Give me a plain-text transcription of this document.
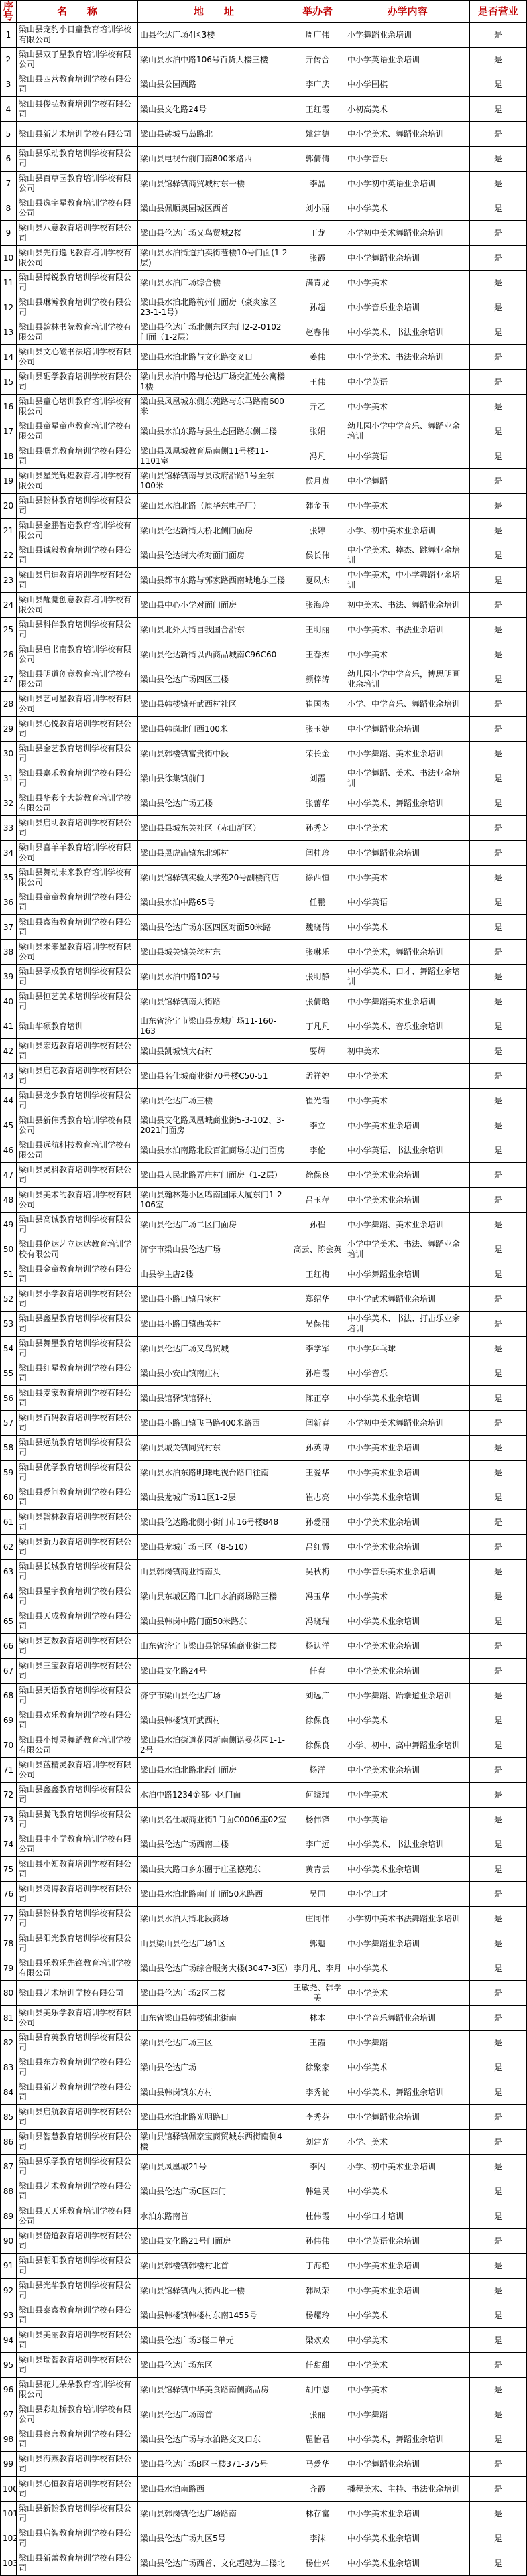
序号	名　　称	地　　址	举办者	办学内容	是否营业
1	梁山县宠豹小日童教育培训学校有限公司	山县伦达广场4区3楼	周广伟	小学舞蹈业余培训	是
2	梁山县双子星教育培训学校有限公司	梁山县水泊中路106号百货大楼三楼	亓传合	中小学英语业余培训	是
3	梁山县四营教育培训学校有限公司	梁山县公园西路	李广庆	中小学围棋	是
4	梁山县俊弘教育培训学校有限公司	梁山县文化路24号	王红霞	小初高美术	是
5	梁山县新艺术培训学校有限公司	梁山县砖城马岛路北	姚建德	中小学美术、舞蹈业余培训	是
6	梁山县乐动教育培训学校有限公司	梁山县电视台前门南800米路西	郭倩倩	中小学音乐	是
7	梁山县百草园教育培训学校有限公司	梁山县馆驿镇商贸城村东一楼	李晶	中小学初中英语业余培训	是
8	梁山县逸宇星教育培训学校有限公司	梁山县佩顺奥园城区西首	刘小丽	中小学美术	是
9	梁山县八意教育培训学校有限公司	梁山县伦达广场又鸟贸城2楼	丁龙	小学初中美术舞蹈业余培训	是
10	梁山县先行逸飞教育培训学校有限公司	梁山县水泊街道拍卖街巷楼10号门面(1-2层)	张霞	中小学舞蹈业余培训	是
11	梁山县博锐教育培训学校有限公司	梁山县水泊广场综合楼	满青龙	中小学美术	是
12	梁山县琳瀚教育培训学校有限公司	梁山县水泊北路杭州门面房（豪爽家区23-1-1号）	孙超	中小学音乐业余培训	是
13	梁山县翰林书院教育培训学校有限公司	梁山县伦达广场北侧东区东门2-2-0102门面（1-2层）	赵春伟	中小学美术、书法业余培训	是
14	梁山县文心磁书法培训学校有限公司	梁山县水泊北路与文化路交叉口	姜伟	中小学美术、书法业余培训	是
15	梁山县砺学教育培训学校有限公司	梁山县水泊中路与伦达广场交汇处公寓楼1楼	王伟	中小学英语	是
16	梁山县童心培训教育培训学校有限公司	梁山县凤凰城东侧东苑路与东马路南600米	亓乙	中小学美术	是
17	梁山县童星童声教育培训学校有限公司	梁山县水泊东路与县生态园路东侧二楼	张娟	幼儿园小学中学音乐、舞蹈业余培训	是
18	梁山县曙光教育培训学校有限公司	梁山县凤凰城教育局南侧11号楼11-1101室	冯凡	中小学英语	是
19	梁山县星光辉煌教育培训学校有限公司	梁山县馆驿镇南与县政府沿路1号至东100米	侯月贵	中小学舞蹈	是
20	梁山县翰林教育培训学校有限公司	梁山县水泊北路（原华东电子厂）	韩金玉	中小学美术	是
21	梁山县金鹏智造教育培训学校有限公司	梁山县伦达新街大桥北侧门面房	张婷	小学、初中美术业余培训	是
22	梁山县诚毅教育培训学校有限公司	梁山县伦达街大桥对面门面房	侯长伟	中小学美术、摔杰、跳舞业余培训	是
23	梁山县启迪教育培训学校有限公司	梁山县都市东路与郭家路西南城地东三楼	夏凤杰	中小学美术，中小学舞蹈业余培训	是
24	梁山县醒觉创意教育培训学校有限公司	梁山县中心小学对面门面房	张海玲	初中美术、书法、舞蹈业余培训	是
25	梁山县科伴教育培训学校有限公司	梁山县北外大街自我国合沿东	王明丽	中小学美术、书法业余培训	是
26	梁山县启书南教育培训学校有限公司	梁山县伦达新街以西商品城南C96C60	王春杰	中小学美术	是
27	梁山县明道创意教育培训学校有限公司	梁山县伦达广场四区三楼	颜梓涛	幼儿园小学中学音乐，博思明画业余培训	是
28	梁山县艺可星教育培训学校有限公司	梁山县韩楼镇开武西村社区	崔国杰	小学、中学音乐、舞蹈业余培训	是
29	梁山县心悦教育培训学校有限公司	梁山县韩岗北门西100米	张玉婕	中小学舞蹈业余培训	是
30	梁山县金艺教育培训学校有限公司	梁山县韩楼镇富贵街中段	荣长金	中小学舞蹈、美术业余培训	是
31	梁山县嘉禾教育培训学校有限公司	梁山县徐集镇前门	刘霞	中小学舞蹈、美术、书法业余培训	是
32	梁山县华彩个大翰教育培训学校有限公司	梁山县伦达广场五楼	张蕾华	中小学美术、舞蹈业余培训	是
33	梁山县启明教育培训学校有限公司	梁山县县城东关社区（赤山新区）	孙秀芝	中小学美术	是
34	梁山县喜羊羊教育培训学校有限公司	梁山县黑虎庙镇东北郭村	闫桂珍	中小学舞蹈业余培训	是
35	梁山县舞动未来教育培训学校有限公司	梁山县馆驿镇实验大学苑20号副楼商店	徐西恒	中小学美术	是
36	梁山县童童教育培训学校有限公司	梁山县水泊中路65号	任鹏	中小学英语	是
37	梁山县鑫海教育培训学校有限公司	梁山县伦达广场东区四区对面50米路	魏晓倩	中小学美术	是
38	梁山县未来星教育培训学校有限公司	梁山县城关镇关丝村东	张琳乐	中小学美术，舞蹈业余培训	是
39	梁山县学成教育培训学校有限公司	梁山县水泊中路102号	张明静	中小学美术、口才、舞蹈业余培训	是
40	梁山县恒艺美术培训学校有限公司	梁山县馆驿镇南大街路	张倩晗	中小学舞蹈美术业余培训	是
41	梁山华硕教育培训	山东省济宁市梁山县龙城广场11-160-163	丁凡凡	中小学美术、音乐业余培训	是
42	梁山县宏迈教育培训学校有限公司	梁山县凯城镇大石村	要辉	初中美术	是
43	梁山县启芯教育培训学校有限公司	梁山县名仕城商业街70号楼C50-51	孟祥婷	中小学美术	是
44	梁山县龙少教育培训学校有限公司	梁山县伦达广场三楼	崔光霞	中小学美术	是
45	梁山县新伟秀教育培训学校有限公司	梁山县文化路凤凰城商业街5-3-102、3-2021门面房	李立	中小学美术业余培训	是
46	梁山县远航科技教育培训学校有限公司	梁山县水泊南路北段百汇商场东边门面房	李伦	中小学英语、书法业余培训	是
47	梁山县灵科教育培训学校有限公司	梁山县人民北路弄庄村门面房（1-2层）	徐保良	中小学美术业余培训	是
48	梁山县美术的教育培训学校有限公司	梁山县翰林苑小区鸣南国际大厦东门1-2-106室	吕玉萍	中小学美术业余培训	是
49	梁山县高诚教育培训学校有限公司	梁山县伦达广场二区门面房	孙程	中小学舞蹈、美术业余培训	是
50	梁山县伦达艺立达达教育培训学校有限公司	济宁市梁山县伦达广场	高云、陈会英	小学中学美术、书法、舞蹈业余培训	是
51	梁山县金童教育培训学校有限公司	山县拳主店2楼	王红梅	中小学舞蹈业余培训	是
52	梁山县小学教育培训学校有限公司	梁山县小路口镇吕家村	郑绍华	中小学武术舞蹈业余培训	是
53	梁山县鑫星教育培训学校有限公司	梁山县小路口镇西关村	吴保伟	中小学美术、书法、打击乐业余培训	是
54	梁山县舞墨教育培训学校有限公司	梁山县伦达广场又鸟贸城	李学军	中小学乒乓球	是
55	梁山县红星教育培训学校有限公司	梁山县小安山镇南庄村	孙启霞	中小学音乐	是
56	梁山县麦家教育培训学校有限公司	梁山县馆驿镇馆驿村	陈正亭	中小学美术业余培训	是
57	梁山县百码教育培训学校有限公司	梁山县小路口镇飞马路400米路西	闫新春	小学初中美术舞蹈业余培训	是
58	梁山县远航教育培训学校有限公司	梁山县城关镇同贸村东	孙英博	中小学美术业余培训	是
59	梁山县优学教育培训学校有限公司	梁山县水泊东路明珠电视台路口往南	王爱华	中小学美术业余培训	是
60	梁山县爱问教育培训学校有限公司	梁山县龙城广场11区1-2层	崔志亮	中小学美术业余培训	是
61	梁山县翰林教育培训学校有限公司	梁山县伦达路北侧小街门市16号楼848	孙爱丽	中小学美术业余培训	是
62	梁山县新力教育培训学校有限公司	梁山县龙城广场三区（8-510）	吕红霞	中小学美术业余培训	是
63	梁山县长城教育培训学校有限公司	山县韩岗镇商业街南头	吴秋梅	中小学音乐美术业余培训	是
64	梁山县星宇教育培训学校有限公司	梁山县东城区路口北口水泊商场路三楼	冯玉华	中小学美术	是
65	梁山县天成教育培训学校有限公司	梁山县韩岗中路门面50米路东	冯晓瑞	中小学美术业余培训	是
66	梁山县艺数教育培训学校有限公司	山东省济宁市梁山县馆驿镇商业街二楼	杨认洋	中小学美术业余培训	是
67	梁山县三宝教育培训学校有限公司	梁山县文化路24号	任春	中小学美术业余培训	是
68	梁山县天语教育培训学校有限公司	济宁市梁山县伦达广场	刘远广	中小学舞蹈、跆拳道业余培训	是
69	梁山县欢乐教育培训学校有限公司	梁山县韩楼镇开武西村	徐保良	中小学美术	是
70	梁山县小博灵舞蹈教育培训学校有限公司	梁山县水泊街道花园新南侧诺曼花园1-1-2号	徐保良	小学、初中、高中舞蹈业余培训	是
71	梁山县蓝精灵教育培训学校有限公司	梁山县水泊北路北段门面房	杨洋	中小学美术业余培训	是
72	梁山县鑫鑫教育培训学校有限公司	水泊中路1234金都小区门面	何晓瑞	中小学美术	是
73	梁山县腾飞教育培训学校有限公司	梁山县名仕城商业街1门面C0006座02室	杨伟锋	中小学英语	是
74	梁山县中小学教育培训学校有限公司	梁山县伦达广场西南二楼	李广远	中小学美术、书法业余培训	是
75	梁山县小知教育培训学校有限公司	梁山县大路口乡东圈于庄圣德苑东	黄青云	中小学美术业余培训	是
76	梁山县鸿博教育培训学校有限公司	梁山县水泊北路南门门面50米路西	吴同	中小学口才	是
77	梁山县翰林教育培训学校有限公司	梁山县水泊大街北段商场	庄同伟	小学初中美术书法舞蹈业余培训	是
78	梁山县阳光教育培训学校有限公司	山县梁山县伦达广场1区	郭魁	中小学舞蹈业余培训	是
79	梁山县乐教乐先锋教育培训学校有限公司	梁山县伦达广场综合服务大楼(3047-3区)	李丹凡、李月	中小学美术	是
80	梁山县艺术培训学校有限公司	梁山县伦达广场2区二楼	王敏尧、韩学美	中小学美术	是
81	梁山县美乐学教育培训学校有限公司	山东省梁山县韩楼镇北街南	林本	中小学音乐舞蹈业余培训	是
82	梁山县育英教育培训学校有限公司	梁山县伦达广场三区	王霞	中小学舞蹈	是
83	梁山县东方教育培训学校有限公司	梁山县伦达广场	徐聚家	中小学美术	是
84	梁山县新艺教育培训学校有限公司	梁山县韩岗镇东方村	李秀轮	中小学美术、舞蹈业余培训	是
85	梁山县启航教育培训学校有限公司	梁山县水泊北路光明路口	李秀芬	中小学舞蹈业余培训	是
86	梁山县智慧教育培训学校有限公司	梁山县馆驿镇佩家宝商贸城东西街南侧4楼	刘建光	小学、美术	是
87	梁山县乐学教育培训学校有限公司	梁山县凤凰城21号	李闪	小学、初中美术业余培训	是
88	梁山县艺术教育培训学校有限公司	梁山县伦达广场C区四门	韩建民	中小学美术	是
89	梁山县天天乐教育培训学校有限公司	水泊东路南首	杜伟霞	中小学口才培训	是
90	梁山县岱道教育培训学校有限公司	梁山县文化路21号门面房	孙伟伟	中小学英语业余培训	是
91	梁山县朝阳教育培训学校有限公司	梁山县韩楼镇韩楼村北首	丁海艳	中小学美术业余培训	是
92	梁山县光华教育培训学校有限公司	梁山县馆驿镇西大街西北一楼	韩凤荣	中小学美术业余培训	是
93	梁山县泰鑫教育培训学校有限公司	梁山县韩楼镇韩楼村东南1455号	杨耀玲	中小学美术	是
94	梁山县美丽教育培训学校有限公司	梁山县伦达广场3楼二单元	梁欢欢	中小学美术	是
95	梁山县瑞智教育培训学校有限公司	梁山县伦达广场东区	任甜甜	中小学美术	是
96	梁山县花儿朵朵教育培训学校有限公司	梁山县馆驿镇中华美食路南侧商品房	胡中恩	中小学美术	是
97	梁山县彩虹桥教育培训学校有限公司	梁山县伦达广场南首	张丽	中小学舞蹈	是
98	梁山县良言教育培训学校有限公司	梁山县伦达广场与水泊路交叉口东	瞿怡君	中小学美术，舞蹈业余培训	是
99	梁山县海燕教育培训学校有限公司	梁山县伦达广场B区三楼371-375号	马爱华	中小学舞蹈业余培训	是
100	梁山县心恒教育培训学校有限公司	梁山县水泊南路西	齐霞	播程美术、主持、书法业余培训	是
101	梁山县新翰教育培训学校有限公司	梁山县韩岗镇伦达广场路南	林存富	中小学美术业余培训	是
102	梁山县启智教育培训学校有限公司	梁山县伦达广场九区5号	李沫	中小学美术业余培训	是
103	梁山县新蕾教育培训学校有限公司	梁山县伦达广场西首、文化超越为二楼北	杨仕兴	中小学美术业余培训	是
